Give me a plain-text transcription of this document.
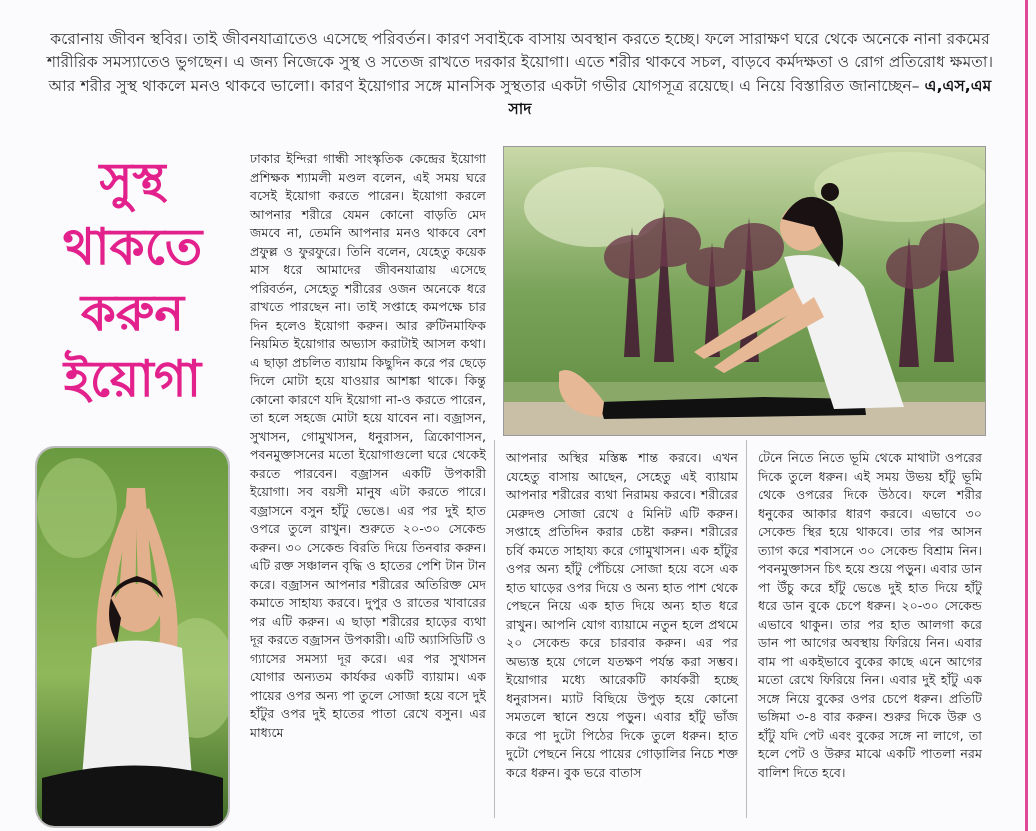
করোনায় জীবন স্থবির। তাই জীবনযাত্রাতেও এসেছে পরিবর্তন। কারণ সবাইকে বাসায় অবস্থান করতে হচ্ছে। ফলে সারাক্ষণ ঘরে থেকে অনেকে নানা রকমের শারীরিক সমস্যাতেও ভুগছেন। এ জন্য নিজেকে সুস্থ ও সতেজ রাখতে দরকার ইয়োগা। এতে শরীর থাকবে সচল, বাড়বে কর্মদক্ষতা ও রোগ প্রতিরোধ ক্ষমতা। আর শরীর সুস্থ থাকলে মনও থাকবে ভালো। কারণ ইয়োগার সঙ্গে মানসিক সুস্থতার একটা গভীর যোগসূত্র রয়েছে। এ নিয়ে বিস্তারিত জানাচ্ছেন– এ,এস,এম সাদ

সুস্থ
থাকতে
করুন
ইয়োগা
ঢাকার ইন্দিরা গান্ধী সাংস্কৃতিক কেন্দ্রের ইয়োগা প্রশিক্ষক শ্যামলী মণ্ডল বলেন, এই সময় ঘরে বসেই ইয়োগা করতে পারেন। ইয়োগা করলে আপনার শরীরে যেমন কোনো বাড়তি মেদ জমবে না, তেমনি আপনার মনও থাকবে বেশ প্রফুল্ল ও ফুরফুরে। তিনি বলেন, যেহেতু কয়েক মাস ধরে আমাদের জীবনযাত্রায় এসেছে পরিবর্তন, সেহেতু শরীরের ওজন অনেকে ধরে রাখতে পারছেন না। তাই সপ্তাহে কমপক্ষে চার দিন হলেও ইয়োগা করুন। আর রুটিনমাফিক নিয়মিত ইয়োগার অভ্যাস করাটাই আসল কথা। এ ছাড়া প্রচলিত ব্যায়াম কিছুদিন করে পর ছেড়ে দিলে মোটা হয়ে যাওয়ার আশঙ্কা থাকে। কিন্তু কোনো কারণে যদি ইয়োগা না-ও করতে পারেন, তা হলে সহজে মোটা হয়ে যাবেন না। বজ্রাসন, সুখাসন, গোমুখাসন, ধনুরাসন, ত্রিকোণাসন, পবনমুক্তাসনের মতো ইয়োগাগুলো ঘরে থেকেই করতে পারবেন। বজ্রাসন একটি উপকারী ইয়োগা। সব বয়সী মানুষ এটা করতে পারে। বজ্রাসনে বসুন হাঁটু ভেঙে। এর পর দুই হাত ওপরে তুলে রাখুন। শুরুতে ২০-৩০ সেকেন্ড করুন। ৩০ সেকেন্ড বিরতি দিয়ে তিনবার করুন। এটি রক্ত সঞ্চালন বৃদ্ধি ও হাতের পেশি টান টান করে। বজ্রাসন আপনার শরীরের অতিরিক্ত মেদ কমাতে সাহায্য করবে। দুপুর ও রাতের খাবারের পর এটি করুন। এ ছাড়া শরীরের হাড়ের ব্যথা দূর করতে বজ্রাসন উপকারী। এটি অ্যাসিডিটি ও গ্যাসের সমস্যা দূর করে। এর পর সুখাসন যোগার অন্যতম কার্যকর একটি ব্যায়াম। এক পায়ের ওপর অন্য পা তুলে সোজা হয়ে বসে দুই হাঁটুর ওপর দুই হাতের পাতা রেখে বসুন। এর মাধ্যমে
আপনার অস্থির মস্তিষ্ক শান্ত করবে। এখন যেহেতু বাসায় আছেন, সেহেতু এই ব্যায়াম আপনার শরীরের ব্যথা নিরাময় করবে। শরীরের মেরুদণ্ড সোজা রেখে ৫ মিনিট এটি করুন। সপ্তাহে প্রতিদিন করার চেষ্টা করুন। শরীরের চর্বি কমতে সাহায্য করে গোমুখাসন। এক হাঁটুর ওপর অন্য হাঁটু পেঁচিয়ে সোজা হয়ে বসে এক হাত ঘাড়ের ওপর দিয়ে ও অন্য হাত পাশ থেকে পেছনে নিয়ে এক হাত দিয়ে অন্য হাত ধরে রাখুন। আপনি যোগ ব্যায়ামে নতুন হলে প্রথমে ২০ সেকেন্ড করে চারবার করুন। এর পর অভ্যস্ত হয়ে গেলে যতক্ষণ পর্যন্ত করা সম্ভব। ইয়োগার মধ্যে আরেকটি কার্যকরী হচ্ছে ধনুরাসন। ম্যাট বিছিয়ে উপুড় হয়ে কোনো সমতলে স্থানে শুয়ে পড়ুন। এবার হাঁটু ভাঁজ করে পা দুটো পিঠের দিকে তুলে ধরুন। হাত দুটো পেছনে নিয়ে পায়ের গোড়ালির নিচে শক্ত করে ধরুন। বুক ভরে বাতাস
টেনে নিতে নিতে ভূমি থেকে মাথাটা ওপরের দিকে তুলে ধরুন। এই সময় উভয় হাঁটু ভূমি থেকে ওপরের দিকে উঠবে। ফলে শরীর ধনুকের আকার ধারণ করবে। এভাবে ৩০ সেকেন্ড স্থির হয়ে থাকবে। তার পর আসন ত্যাগ করে শবাসনে ৩০ সেকেন্ড বিশ্রাম নিন। পবনমুক্তাসন চিৎ হয়ে শুয়ে পড়ুন। এবার ডান পা উঁচু করে হাঁটু ভেঙে দুই হাত দিয়ে হাঁটু ধরে ডান বুকে চেপে ধরুন। ২০-৩০ সেকেন্ড এভাবে থাকুন। তার পর হাত আলগা করে ডান পা আগের অবস্থায় ফিরিয়ে নিন। এবার বাম পা একইভাবে বুকের কাছে এনে আগের মতো রেখে ফিরিয়ে নিন। এবার দুই হাঁটু এক সঙ্গে নিয়ে বুকের ওপর চেপে ধরুন। প্রতিটি ভঙ্গিমা ৩-৪ বার করুন। শুরুর দিকে উরু ও হাঁটু যদি পেট এবং বুকের সঙ্গে না লাগে, তা হলে পেট ও উরুর মাঝে একটি পাতলা নরম বালিশ দিতে হবে।
